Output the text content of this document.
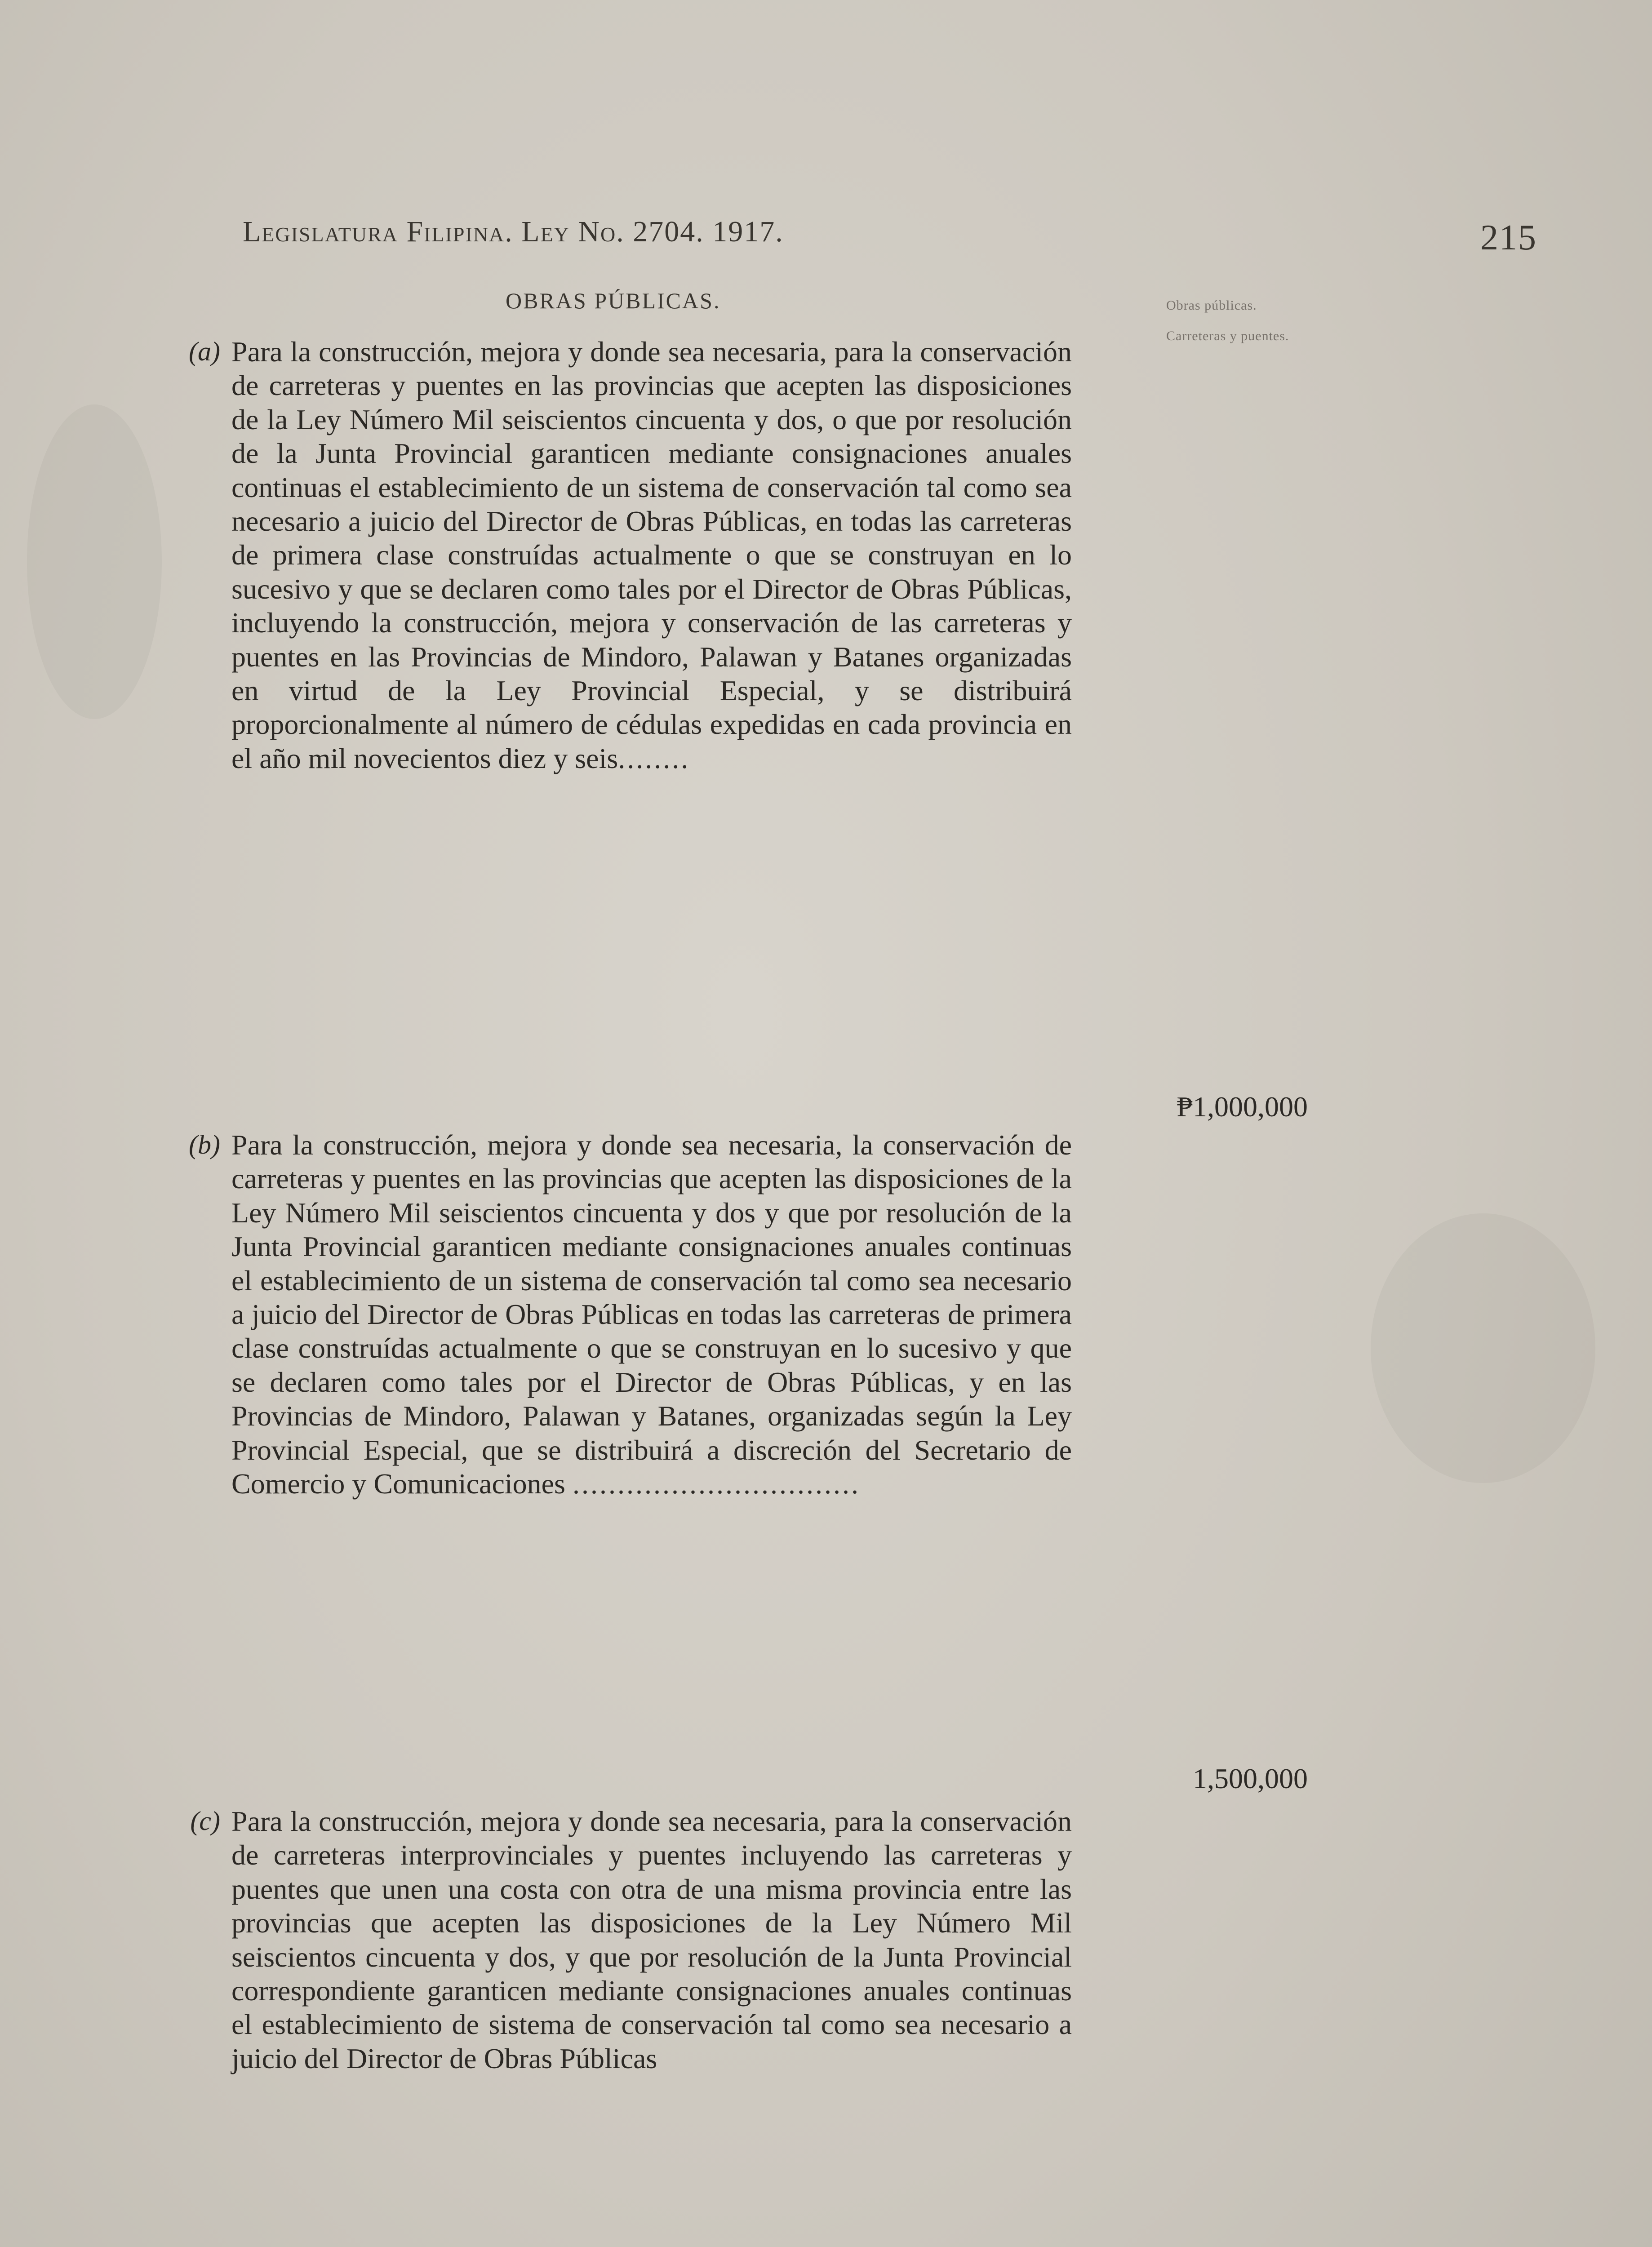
Legislatura Filipina. Ley No. 2704. 1917.	215
OBRAS PÚBLICAS.	Obras públicas.
Carreteras y puentes.
(a) Para la construcción, mejora y donde sea necesaria, para la conservación de carreteras y puentes en las provincias que acepten las disposiciones de la Ley Número Mil seiscientos cincuenta y dos, o que por resolución de la Junta Provincial garanticen mediante consignaciones anuales continuas el establecimiento de un sistema de conservación tal como sea necesario a juicio del Director de Obras Públicas, en todas las carreteras de primera clase construídas actualmente o que se construyan en lo sucesivo y que se declaren como tales por el Director de Obras Públicas, incluyendo la construcción, mejora y conservación de las carreteras y puentes en las Provincias de Mindoro, Palawan y Batanes organizadas en virtud de la Ley Provincial Especial, y se distribuirá proporcionalmente al número de cédulas expedidas en cada provincia en el año mil novecientos diez y seis........
₱1,000,000
(b) Para la construcción, mejora y donde sea necesaria, la conservación de carreteras y puentes en las provincias que acepten las disposiciones de la Ley Número Mil seiscientos cincuenta y dos y que por resolución de la Junta Provincial garanticen mediante consignaciones anuales continuas el establecimiento de un sistema de conservación tal como sea necesario a juicio del Director de Obras Públicas en todas las carreteras de primera clase construídas actualmente o que se construyan en lo sucesivo y que se declaren como tales por el Director de Obras Públicas, y en las Provincias de Mindoro, Palawan y Batanes, organizadas según la Ley Provincial Especial, que se distribuirá a discreción del Secretario de Comercio y Comunicaciones ................................
1,500,000
(c) Para la construcción, mejora y donde sea necesaria, para la conservación de carreteras interprovinciales y puentes incluyendo las carreteras y puentes que unen una costa con otra de una misma provincia entre las provincias que acepten las disposiciones de la Ley Número Mil seiscientos cincuenta y dos, y que por resolución de la Junta Provincial correspondiente garanticen mediante consignaciones anuales continuas el establecimiento de sistema de conservación tal como sea necesario a juicio del Director de Obras Públicas
